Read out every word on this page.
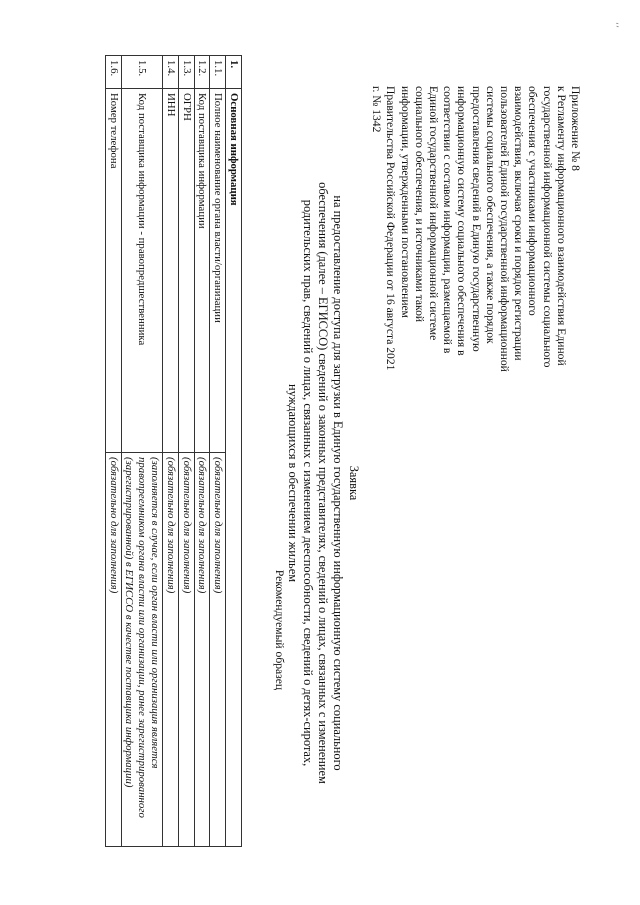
‘’
Приложение № 8
к Регламенту информационного взаимодействия Единой государственной информационной системы социального обеспечения с участниками информационного взаимодействия, включая сроки и порядок регистрации пользователей Единой государственной информационной системы социального обеспечения, а также порядок предоставления сведений в Единую государственную информационную систему социального обеспечения в соответствии с составом информации, размещаемой в Единой государственной информационной системе социального обеспечения, и источниками такой информации, утвержденными постановлением Правительства Российской Федерации от 16 августа 2021 г. № 1342
Рекомендуемый образец
Заявка
на предоставление доступа для загрузки в Единую государственную информационную систему социального
обеспечения (далее – ЕГИССО) сведений о законных представителях, сведений о лицах, связанных с изменением
родительских прав, сведений о лицах, связанных с изменением дееспособности, сведений о детях-сиротах,
нуждающихся в обеспечении жильем
1.	Основная информация	
1.1.	Полное наименование органа власти/организации	(обязательно для заполнения)
1.2.	Код поставщика информации	(обязательно для заполнения)
1.3.	ОГРН	(обязательно для заполнения)
1.4.	ИНН	(обязательно для заполнения)
1.5.	Код поставщика информации - правопредшественника	(заполняется в случае, если орган власти или организация является правопреемником органа власти или организации, ранее зарегистрированного (зарегистрированной) в ЕГИССО в качестве поставщика информации)
1.6.	Номер телефона	(обязательно для заполнения)
